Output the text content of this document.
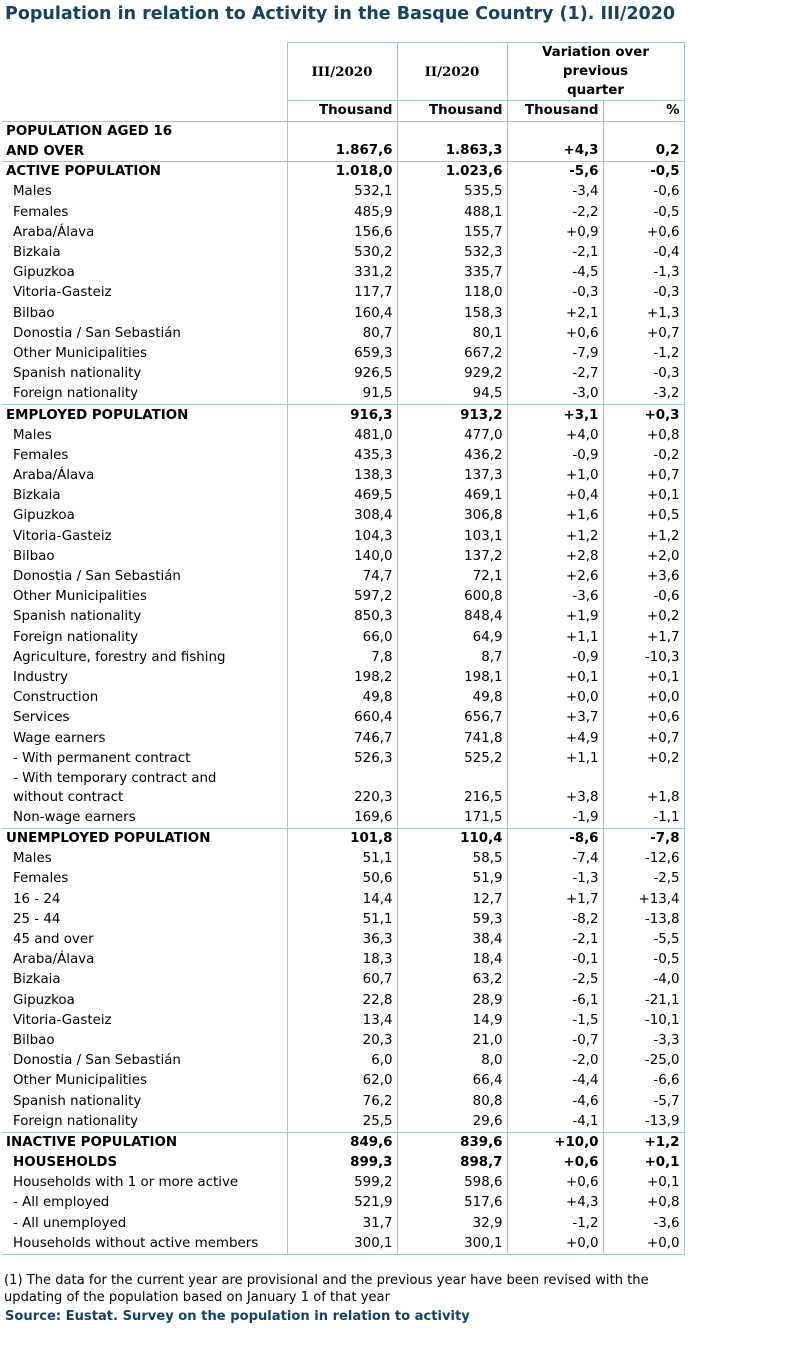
Population in relation to Activity in the Basque Country (1). III/2020
	III/2020	II/2020	Variation over previous quarter	
	Thousand	Thousand	Thousand	%

POPULATION AGED 16
AND OVER	1.867,6	1.863,3	+4,3	0,2
ACTIVE POPULATION	1.018,0	1.023,6	-5,6	-0,5
Males	532,1	535,5	-3,4	-0,6
Females	485,9	488,1	-2,2	-0,5
Araba/Álava	156,6	155,7	+0,9	+0,6
Bizkaia	530,2	532,3	-2,1	-0,4
Gipuzkoa	331,2	335,7	-4,5	-1,3
Vitoria-Gasteiz	117,7	118,0	-0,3	-0,3
Bilbao	160,4	158,3	+2,1	+1,3
Donostia / San Sebastián	80,7	80,1	+0,6	+0,7
Other Municipalities	659,3	667,2	-7,9	-1,2
Spanish nationality	926,5	929,2	-2,7	-0,3
Foreign nationality	91,5	94,5	-3,0	-3,2
EMPLOYED POPULATION	916,3	913,2	+3,1	+0,3
Males	481,0	477,0	+4,0	+0,8
Females	435,3	436,2	-0,9	-0,2
Araba/Álava	138,3	137,3	+1,0	+0,7
Bizkaia	469,5	469,1	+0,4	+0,1
Gipuzkoa	308,4	306,8	+1,6	+0,5
Vitoria-Gasteiz	104,3	103,1	+1,2	+1,2
Bilbao	140,0	137,2	+2,8	+2,0
Donostia / San Sebastián	74,7	72,1	+2,6	+3,6
Other Municipalities	597,2	600,8	-3,6	-0,6
Spanish nationality	850,3	848,4	+1,9	+0,2
Foreign nationality	66,0	64,9	+1,1	+1,7
Agriculture, forestry and fishing	7,8	8,7	-0,9	-10,3
Industry	198,2	198,1	+0,1	+0,1
Construction	49,8	49,8	+0,0	+0,0
Services	660,4	656,7	+3,7	+0,6
Wage earners	746,7	741,8	+4,9	+0,7
- With permanent contract	526,3	525,2	+1,1	+0,2

- With temporary contract and
without contract	220,3	216,5	+3,8	+1,8
Non-wage earners	169,6	171,5	-1,9	-1,1
UNEMPLOYED POPULATION	101,8	110,4	-8,6	-7,8
Males	51,1	58,5	-7,4	-12,6
Females	50,6	51,9	-1,3	-2,5
16 - 24	14,4	12,7	+1,7	+13,4
25 - 44	51,1	59,3	-8,2	-13,8
45 and over	36,3	38,4	-2,1	-5,5
Araba/Álava	18,3	18,4	-0,1	-0,5
Bizkaia	60,7	63,2	-2,5	-4,0
Gipuzkoa	22,8	28,9	-6,1	-21,1
Vitoria-Gasteiz	13,4	14,9	-1,5	-10,1
Bilbao	20,3	21,0	-0,7	-3,3
Donostia / San Sebastián	6,0	8,0	-2,0	-25,0
Other Municipalities	62,0	66,4	-4,4	-6,6
Spanish nationality	76,2	80,8	-4,6	-5,7
Foreign nationality	25,5	29,6	-4,1	-13,9
INACTIVE POPULATION	849,6	839,6	+10,0	+1,2
HOUSEHOLDS	899,3	898,7	+0,6	+0,1
Households with 1 or more active	599,2	598,6	+0,6	+0,1
- All employed	521,9	517,6	+4,3	+0,8
- All unemployed	31,7	32,9	-1,2	-3,6
Households without active members	300,1	300,1	+0,0	+0,0
(1) The data for the current year are provisional and the previous year have been revised with the updating of the population based on January 1 of that year
Source: Eustat. Survey on the population in relation to activity
